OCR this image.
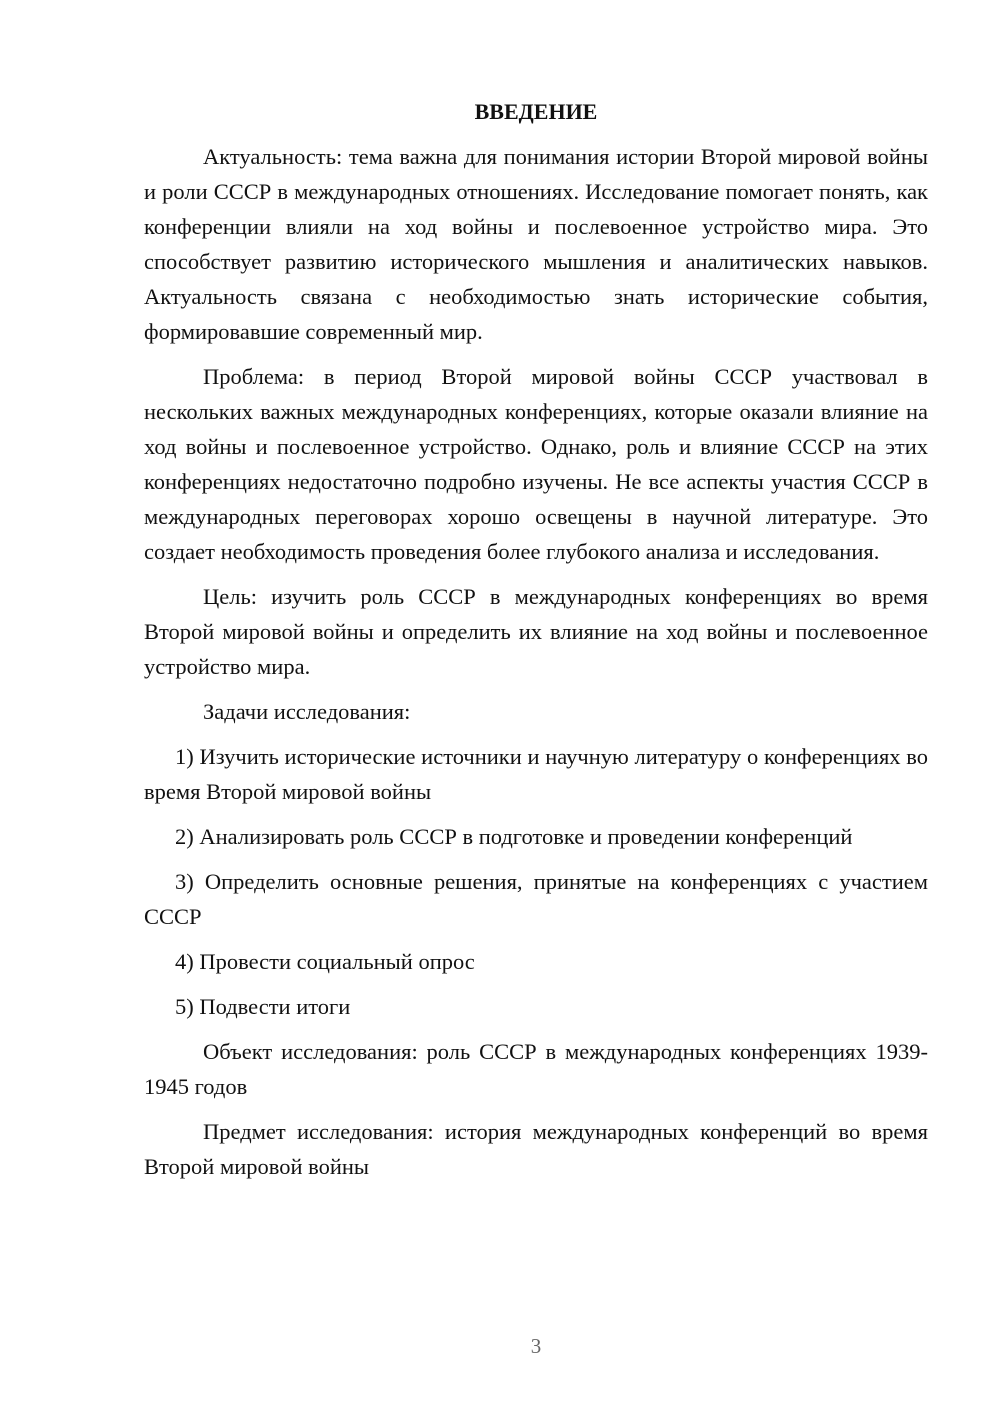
ВВЕДЕНИЕ

Актуальность: тема важна для понимания истории Второй мировой войны и роли СССР в международных отношениях. Исследование помогает понять, как конференции влияли на ход войны и послевоенное устройство мира. Это способствует развитию исторического мышления и аналитических навыков. Актуальность связана с необходимостью знать исторические события, формировавшие современный мир.

Проблема: в период Второй мировой войны СССР участвовал в нескольких важных международных конференциях, которые оказали влияние на ход войны и послевоенное устройство. Однако, роль и влияние СССР на этих конференциях недостаточно подробно изучены. Не все аспекты участия СССР в международных переговорах хорошо освещены в научной литературе. Это создает необходимость проведения более глубокого анализа и исследования.

Цель: изучить роль СССР в международных конференциях во время Второй мировой войны и определить их влияние на ход войны и послевоенное устройство мира.

Задачи исследования:

1) Изучить исторические источники и научную литературу о конференциях во время Второй мировой войны

2) Анализировать роль СССР в подготовке и проведении конференций

3) Определить основные решения, принятые на конференциях с участием СССР

4) Провести социальный опрос

5) Подвести итоги

Объект исследования: роль СССР в международных конференциях 1939-1945 годов

Предмет исследования: история международных конференций во время Второй мировой войны

3
